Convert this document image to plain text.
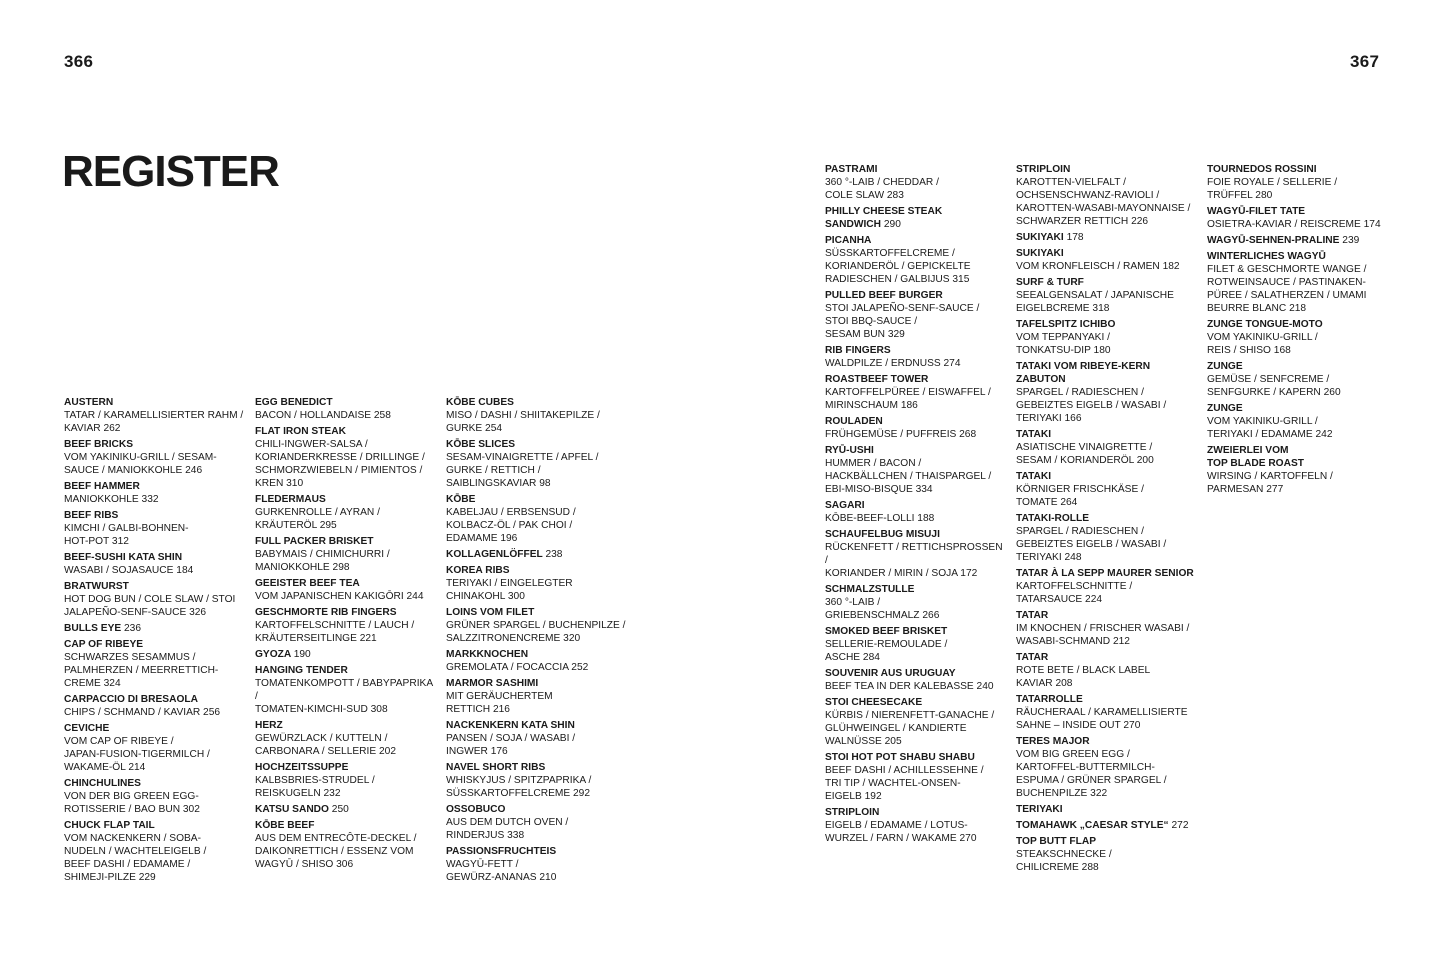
366	367
REGISTER
AUSTERN
TATAR / KARAMELLISIERTER RAHM /
KAVIAR 262
BEEF BRICKS
VOM YAKINIKU-GRILL / SESAM-
SAUCE / MANIOKKOHLE 246
BEEF HAMMER
MANIOKKOHLE 332
BEEF RIBS
KIMCHI / GALBI-BOHNEN-
HOT-POT 312
BEEF-SUSHI KATA SHIN
WASABI / SOJASAUCE 184
BRATWURST
HOT DOG BUN / COLE SLAW / STOI
JALAPEÑO-SENF-SAUCE 326
BULLS EYE 236
CAP OF RIBEYE
SCHWARZES SESAMMUS /
PALMHERZEN / MEERRETTICH-
CREME 324
CARPACCIO DI BRESAOLA
CHIPS / SCHMAND / KAVIAR 256
CEVICHE
VOM CAP OF RIBEYE /
JAPAN-FUSION-TIGERMILCH /
WAKAME-ÖL 214
CHINCHULINES
VON DER BIG GREEN EGG-
ROTISSERIE / BAO BUN 302
CHUCK FLAP TAIL
VOM NACKENKERN / SOBA-
NUDELN / WACHTELEIGELB /
BEEF DASHI / EDAMAME /
SHIMEJI-PILZE 229
EGG BENEDICT
BACON / HOLLANDAISE 258
FLAT IRON STEAK
CHILI-INGWER-SALSA /
KORIANDERKRESSE / DRILLINGE /
SCHMORZWIEBELN / PIMIENTOS /
KREN 310
FLEDERMAUS
GURKENROLLE / AYRAN /
KRÄUTERÖL 295
FULL PACKER BRISKET
BABYMAIS / CHIMICHURRI /
MANIOKKOHLE 298
GEEISTER BEEF TEA
VOM JAPANISCHEN KAKIGŌRI 244
GESCHMORTE RIB FINGERS
KARTOFFELSCHNITTE / LAUCH /
KRÄUTERSEITLINGE 221
GYOZA 190
HANGING TENDER
TOMATENKOMPOTT / BABYPAPRIKA /
TOMATEN-KIMCHI-SUD 308
HERZ
GEWÜRZLACK / KUTTELN /
CARBONARA / SELLERIE 202
HOCHZEITSSUPPE
KALBSBRIES-STRUDEL /
REISKUGELN 232
KATSU SANDO 250
KŌBE BEEF
AUS DEM ENTRECÔTE-DECKEL /
DAIKONRETTICH / ESSENZ VOM
WAGYŪ / SHISO 306
KŌBE CUBES
MISO / DASHI / SHIITAKEPILZE /
GURKE 254
KŌBE SLICES
SESAM-VINAIGRETTE / APFEL /
GURKE / RETTICH /
SAIBLINGSKAVIAR 98
KŌBE
KABELJAU / ERBSENSUD /
KOLBACZ-ÖL / PAK CHOI /
EDAMAME 196
KOLLAGENLÖFFEL 238
KOREA RIBS
TERIYAKI / EINGELEGTER
CHINAKOHL 300
LOINS VOM FILET
GRÜNER SPARGEL / BUCHENPILZE /
SALZZITRONENCREME 320
MARKKNOCHEN
GREMOLATA / FOCACCIA 252
MARMOR SASHIMI
MIT GERÄUCHERTEM
RETTICH 216
NACKENKERN KATA SHIN
PANSEN / SOJA / WASABI /
INGWER 176
NAVEL SHORT RIBS
WHISKYJUS / SPITZPAPRIKA /
SÜSSKARTOFFELCREME 292
OSSOBUCO
AUS DEM DUTCH OVEN /
RINDERJUS 338
PASSIONSFRUCHTEIS
WAGYŪ-FETT /
GEWÜRZ-ANANAS 210
PASTRAMI
360 °-LAIB / CHEDDAR /
COLE SLAW 283
PHILLY CHEESE STEAK
SANDWICH 290
PICANHA
SÜSSKARTOFFELCREME /
KORIANDERÖL / GEPICKELTE
RADIESCHEN / GALBIJUS 315
PULLED BEEF BURGER
STOI JALAPEÑO-SENF-SAUCE /
STOI BBQ-SAUCE /
SESAM BUN 329
RIB FINGERS
WALDPILZE / ERDNUSS 274
ROASTBEEF TOWER
KARTOFFELPÜREE / EISWAFFEL /
MIRINSCHAUM 186
ROULADEN
FRÜHGEMÜSE / PUFFREIS 268
RYŪ-USHI
HUMMER / BACON /
HACKBÄLLCHEN / THAISPARGEL /
EBI-MISO-BISQUE 334
SAGARI
KŌBE-BEEF-LOLLI 188
SCHAUFELBUG MISUJI
RÜCKENFETT / RETTICHSPROSSEN /
KORIANDER / MIRIN / SOJA 172
SCHMALZSTULLE
360 °-LAIB /
GRIEBENSCHMALZ 266
SMOKED BEEF BRISKET
SELLERIE-REMOULADE /
ASCHE 284
SOUVENIR AUS URUGUAY
BEEF TEA IN DER KALEBASSE 240
STOI CHEESECAKE
KÜRBIS / NIERENFETT-GANACHE /
GLÜHWEINGEL / KANDIERTE
WALNÜSSE 205
STOI HOT POT SHABU SHABU
BEEF DASHI / ACHILLESSEHNE /
TRI TIP / WACHTEL-ONSEN-
EIGELB 192
STRIPLOIN
EIGELB / EDAMAME / LOTUS-
WURZEL / FARN / WAKAME 270
STRIPLOIN
KAROTTEN-VIELFALT /
OCHSENSCHWANZ-RAVIOLI /
KAROTTEN-WASABI-MAYONNAISE /
SCHWARZER RETTICH 226
SUKIYAKI 178
SUKIYAKI
VOM KRONFLEISCH / RAMEN 182
SURF & TURF
SEEALGENSALAT / JAPANISCHE
EIGELBCREME 318
TAFELSPITZ ICHIBO
VOM TEPPANYAKI /
TONKATSU-DIP 180
TATAKI VOM RIBEYE-KERN
ZABUTON
SPARGEL / RADIESCHEN /
GEBEIZTES EIGELB / WASABI /
TERIYAKI 166
TATAKI
ASIATISCHE VINAIGRETTE /
SESAM / KORIANDERÖL 200
TATAKI
KÖRNIGER FRISCHKÄSE /
TOMATE 264
TATAKI-ROLLE
SPARGEL / RADIESCHEN /
GEBEIZTES EIGELB / WASABI /
TERIYAKI 248
TATAR À LA SEPP MAURER SENIOR
KARTOFFELSCHNITTE /
TATARSAUCE 224
TATAR
IM KNOCHEN / FRISCHER WASABI /
WASABI-SCHMAND 212
TATAR
ROTE BETE / BLACK LABEL
KAVIAR 208
TATARROLLE
RÄUCHERAAL / KARAMELLISIERTE
SAHNE – INSIDE OUT 270
TERES MAJOR
VOM BIG GREEN EGG /
KARTOFFEL-BUTTERMILCH-
ESPUMA / GRÜNER SPARGEL /
BUCHENPILZE 322
TERIYAKI
TOMAHAWK „CAESAR STYLE“ 272
TOP BUTT FLAP
STEAKSCHNECKE /
CHILICREME 288
TOURNEDOS ROSSINI
FOIE ROYALE / SELLERIE /
TRÜFFEL 280
WAGYŪ-FILET TATE
OSIETRA-KAVIAR / REISCREME 174
WAGYŪ-SEHNEN-PRALINE 239
WINTERLICHES WAGYŪ
FILET & GESCHMORTE WANGE /
ROTWEINSAUCE / PASTINAKEN-
PÜREE / SALATHERZEN / UMAMI
BEURRE BLANC 218
ZUNGE TONGUE-MOTO
VOM YAKINIKU-GRILL /
REIS / SHISO 168
ZUNGE
GEMÜSE / SENFCREME /
SENFGURKE / KAPERN 260
ZUNGE
VOM YAKINIKU-GRILL /
TERIYAKI / EDAMAME 242
ZWEIERLEI VOM
TOP BLADE ROAST
WIRSING / KARTOFFELN /
PARMESAN 277
